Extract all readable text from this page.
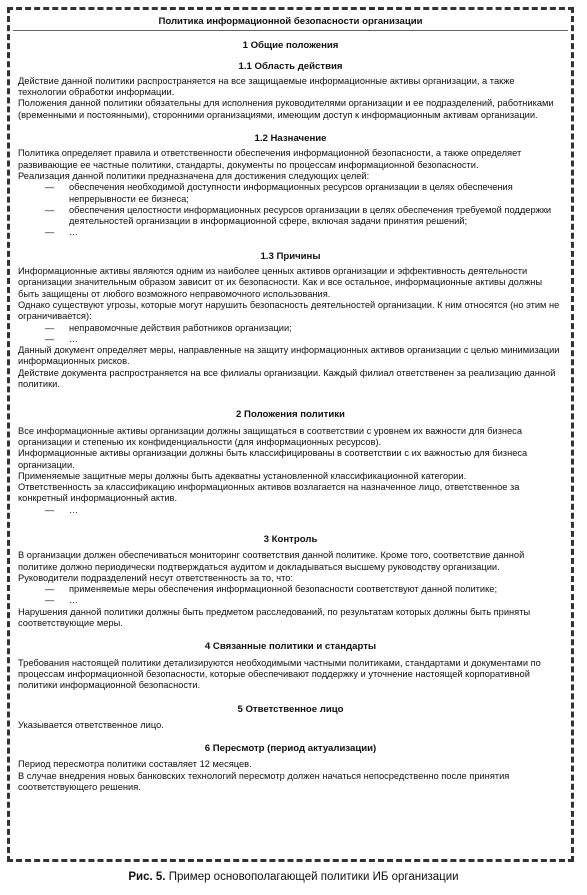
Политика информационной безопасности организации
1 Общие положения
1.1 Область действия

Действие данной политики распространяется на все защищаемые информационные активы организации, а также технологии обработки информации.

Положения данной политики обязательны для исполнения руководителями организации и ее подразделений, работниками (временными и постоянными), сторонними организациями, имеющим доступ к информационным активам организации.

1.2 Назначение

Политика определяет правила и ответственности обеспечения информационной безопасности, а также определяет развивающие ее частные политики, стандарты, документы по процессам информационной безопасности.

Реализация данной политики предназначена для достижения следующих целей:

— обеспечения необходимой доступности информационных ресурсов организации в целях обеспечения непрерывности ее бизнеса;
— обеспечения целостности информационных ресурсов организации в целях обеспечения требуемой поддержки деятельностей организации в информационной сфере, включая задачи принятия решений;
— …
1.3 Причины

Информационные активы являются одним из наиболее ценных активов организации и эффективность деятельности организации значительным образом зависит от их безопасности. Как и все остальное, информационные активы должны быть защищены от любого возможного неправомочного использования.

Однако существуют угрозы, которые могут нарушить безопасность деятельностей организации. К ним относятся (но этим не ограничивается):

— неправомочные действия работников организации;
— …

Данный документ определяет меры, направленные на защиту информационных активов организации с целью минимизации информационных рисков.

Действие документа распространяется на все филиалы организации. Каждый филиал ответственен за реализацию данной политики.

2 Положения политики

Все информационные активы организации должны защищаться в соответствии с уровнем их важности для бизнеса организации и степенью их конфиденциальности (для информационных ресурсов).

Информационные активы организации должны быть классифицированы в соответствии с их важностью для бизнеса организации.

Применяемые защитные меры должны быть адекватны установленной классификационной категории.

Ответственность за классификацию информационных активов возлагается на назначенное лицо, ответственное за конкретный информационный актив.

— …
3 Контроль

В организации должен обеспечиваться мониторинг соответствия данной политике. Кроме того, соответствие данной политике должно периодически подтверждаться аудитом и докладываться высшему руководству организации.

Руководители подразделений несут ответственность за то, что:

— применяемые меры обеспечения информационной безопасности соответствуют данной политике;
— …

Нарушения данной политики должны быть предметом расследований, по результатам которых должны быть приняты соответствующие меры.

4 Связанные политики и стандарты

Требования настоящей политики детализируются необходимыми частными политиками, стандартами и документами по процессам информационной безопасности, которые обеспечивают поддержку и уточнение настоящей корпоративной политики информационной безопасности.

5 Ответственное лицо

Указывается ответственное лицо.

6 Пересмотр (период актуализации)

Период пересмотра политики составляет 12 месяцев.

В случае внедрения новых банковских технологий пересмотр должен начаться непосредственно после принятия соответствующего решения.

Рис. 5. Пример основополагающей политики ИБ организации
